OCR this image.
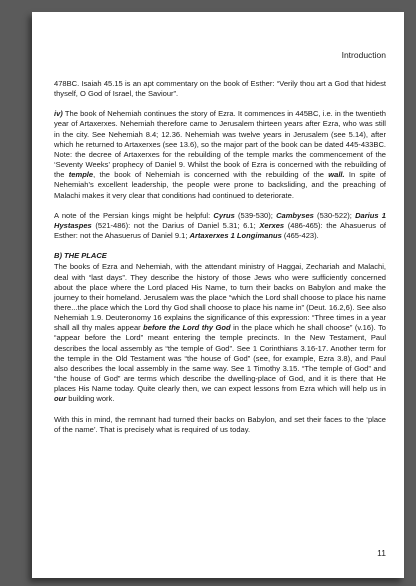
Introduction

478BC. Isaiah 45.15 is an apt commentary on the book of Esther: “Verily thou art a God that hidest thyself, O God of Israel, the Saviour”.

iv) The book of Nehemiah continues the story of Ezra. It commences in 445BC, i.e. in the twentieth year of Artaxerxes. Nehemiah therefore came to Jerusalem thirteen years after Ezra, who was still in the city. See Nehemiah 8.4; 12.36. Nehemiah was twelve years in Jerusalem (see 5.14), after which he returned to Artaxerxes (see 13.6), so the major part of the book can be dated 445-433BC. Note: the decree of Artaxerxes for the rebuilding of the temple marks the commencement of the ‘Seventy Weeks’ prophecy of Daniel 9. Whilst the book of Ezra is concerned with the rebuilding of the temple, the book of Nehemiah is concerned with the rebuilding of the wall. In spite of Nehemiah’s excellent leadership, the people were prone to backsliding, and the preaching of Malachi makes it very clear that conditions had continued to deteriorate.

A note of the Persian kings might be helpful: Cyrus (539-530); Cambyses (530-522); Darius 1 Hystaspes (521-486): not the Darius of Daniel 5.31; 6.1; Xerxes (486-465): the Ahasuerus of Esther: not the Ahasuerus of Daniel 9.1; Artaxerxes 1 Longimanus (465-423).

B) THE PLACE

The books of Ezra and Nehemiah, with the attendant ministry of Haggai, Zechariah and Malachi, deal with “last days”. They describe the history of those Jews who were sufficiently concerned about the place where the Lord placed His Name, to turn their backs on Babylon and make the journey to their homeland. Jerusalem was the place “which the Lord shall choose to place his name there...the place which the Lord thy God shall choose to place his name in” (Deut. 16.2,6). See also Nehemiah 1.9. Deuteronomy 16 explains the significance of this expression: “Three times in a year shall all thy males appear before the Lord thy God in the place which he shall choose” (v.16). To “appear before the Lord” meant entering the temple precincts. In the New Testament, Paul describes the local assembly as “the temple of God”. See 1 Corinthians 3.16-17. Another term for the temple in the Old Testament was “the house of God” (see, for example, Ezra 3.8), and Paul also describes the local assembly in the same way. See 1 Timothy 3.15. “The temple of God” and “the house of God” are terms which describe the dwelling-place of God, and it is there that He places His Name today. Quite clearly then, we can expect lessons from Ezra which will help us in our building work.

With this in mind, the remnant had turned their backs on Babylon, and set their faces to the ‘place of the name’. That is precisely what is required of us today.

11
